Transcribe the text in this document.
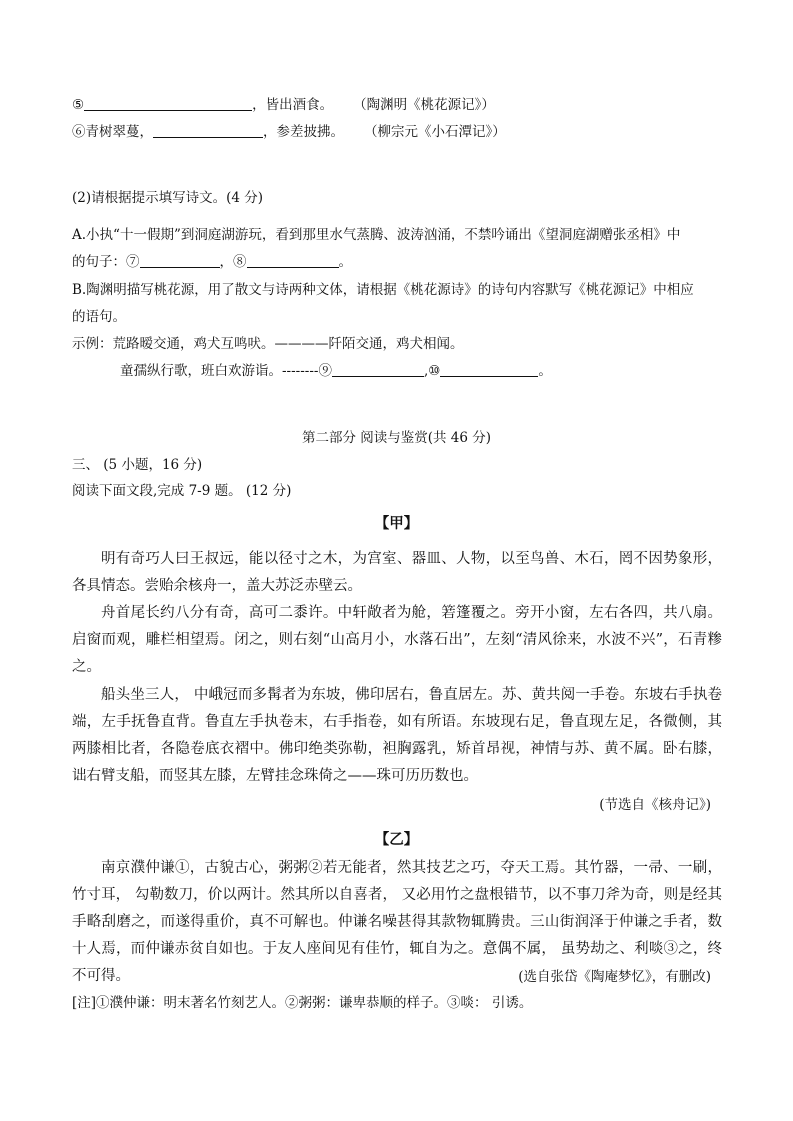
⑤	，皆出酒食。 （陶渊明《桃花源记》）
⑥青树翠蔓，	，参差披拂。 （柳宗元《小石潭记》）
(2)请根据提示填写诗文。(4 分)
A.小执“十一假期”到洞庭湖游玩，看到那里水气蒸腾、波涛汹涌，不禁吟诵出《望洞庭湖赠张丞相》中
的句子：⑦	，⑧	。
B.陶渊明描写桃花源，用了散文与诗两种文体，请根据《桃花源诗》的诗句内容默写《桃花源记》中相应
的语句。
示例：荒路暧交通，鸡犬互鸣吠。————阡陌交通，鸡犬相闻。
童孺纵行歌，班白欢游诣。--------⑨	,⑩	。
第二部分 阅读与鉴赏(共 46 分)
三、 (5 小题，16 分)
阅读下面文段,完成 7-9 题。 (12 分)
【甲】
明有奇巧人曰王叔远，能以径寸之木，为宫室、器皿、人物，以至鸟兽、木石，罔不因势象形，各具情态。尝贻余核舟一，盖大苏泛赤壁云。
舟首尾长约八分有奇，高可二黍许。中轩敞者为舱，箬篷覆之。旁开小窗，左右各四，共八扇。启窗而观，雕栏相望焉。闭之，则右刻“山高月小，水落石出”，左刻“清风徐来，水波不兴”，石青糁之。
船头坐三人， 中峨冠而多髯者为东坡，佛印居右，鲁直居左。苏、黄共阅一手卷。东坡右手执卷端，左手抚鲁直背。鲁直左手执卷末，右手指卷，如有所语。东坡现右足，鲁直现左足，各微侧，其两膝相比者，各隐卷底衣褶中。佛印绝类弥勒，袒胸露乳，矫首昂视，神情与苏、黄不属。卧右膝，诎右臂支船，而竖其左膝，左臂挂念珠倚之——珠可历历数也。
(节选自《核舟记》)
【乙】
南京濮仲谦①，古貌古心，粥粥②若无能者，然其技艺之巧，夺天工焉。其竹器，一帚、一刷，竹寸耳， 勾勒数刀，价以两计。然其所以自喜者， 又必用竹之盘根错节，以不事刀斧为奇，则是经其手略刮磨之，而遂得重价，真不可解也。仲谦名噪甚得其款物辄腾贵。三山街润泽于仲谦之手者，数十人焉，而仲谦赤贫自如也。于友人座间见有佳竹，辄自为之。意偶不属， 虽势劫之、利啖③之，终不可得。	(选自张岱《陶庵梦忆》，有删改)
[注]①濮仲谦：明末著名竹刻艺人。②粥粥：谦卑恭顺的样子。③啖： 引诱。
